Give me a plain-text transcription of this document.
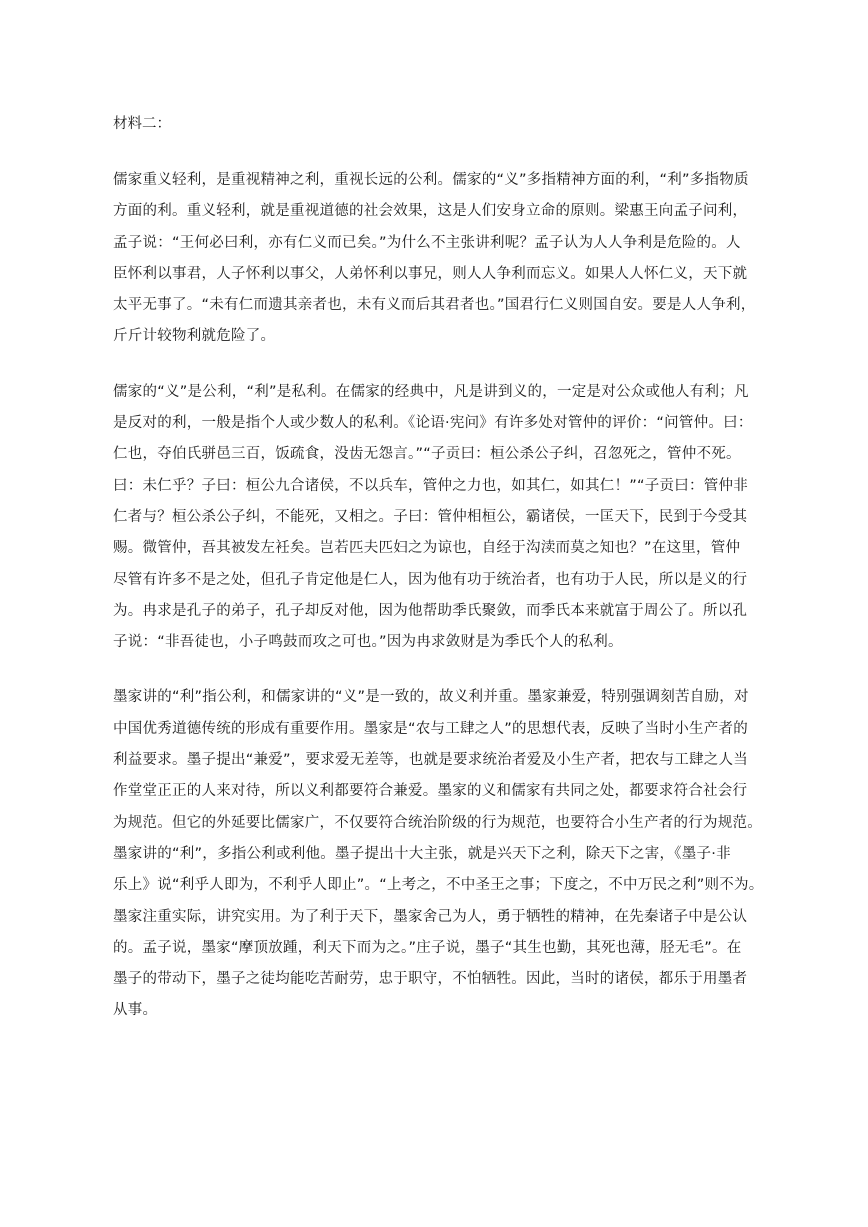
材料二：
儒家重义轻利，是重视精神之利，重视长远的公利。儒家的“义”多指精神方面的利，“利”多指物质
方面的利。重义轻利，就是重视道德的社会效果，这是人们安身立命的原则。梁惠王向孟子问利，
孟子说：“王何必曰利，亦有仁义而已矣。”为什么不主张讲利呢？孟子认为人人争利是危险的。人
臣怀利以事君，人子怀利以事父，人弟怀利以事兄，则人人争利而忘义。如果人人怀仁义，天下就
太平无事了。“未有仁而遗其亲者也，未有义而后其君者也。”国君行仁义则国自安。要是人人争利，
斤斤计较物利就危险了。
儒家的“义”是公利，“利”是私利。在儒家的经典中，凡是讲到义的，一定是对公众或他人有利；凡
是反对的利，一般是指个人或少数人的私利。《论语·宪问》有许多处对管仲的评价：“问管仲。曰：
仁也，夺伯氏骈邑三百，饭疏食，没齿无怨言。”“子贡曰：桓公杀公子纠，召忽死之，管仲不死。
曰：未仁乎？子曰：桓公九合诸侯，不以兵车，管仲之力也，如其仁，如其仁！”“子贡曰：管仲非
仁者与？桓公杀公子纠，不能死，又相之。子曰：管仲相桓公，霸诸侯，一匡天下，民到于今受其
赐。微管仲，吾其被发左衽矣。岂若匹夫匹妇之为谅也，自经于沟渎而莫之知也？”在这里，管仲
尽管有许多不是之处，但孔子肯定他是仁人，因为他有功于统治者，也有功于人民，所以是义的行
为。冉求是孔子的弟子，孔子却反对他，因为他帮助季氏聚敛，而季氏本来就富于周公了。所以孔
子说：“非吾徒也，小子鸣鼓而攻之可也。”因为冉求敛财是为季氏个人的私利。
墨家讲的“利”指公利，和儒家讲的“义”是一致的，故义利并重。墨家兼爱，特别强调刻苦自励，对
中国优秀道德传统的形成有重要作用。墨家是“农与工肆之人”的思想代表，反映了当时小生产者的
利益要求。墨子提出“兼爱”，要求爱无差等，也就是要求统治者爱及小生产者，把农与工肆之人当
作堂堂正正的人来对待，所以义利都要符合兼爱。墨家的义和儒家有共同之处，都要求符合社会行
为规范。但它的外延要比儒家广，不仅要符合统治阶级的行为规范，也要符合小生产者的行为规范。
墨家讲的“利”，多指公利或利他。墨子提出十大主张，就是兴天下之利，除天下之害，《墨子·非
乐上》说“利乎人即为，不利乎人即止”。“上考之，不中圣王之事；下度之，不中万民之利”则不为。
墨家注重实际，讲究实用。为了利于天下，墨家舍己为人，勇于牺牲的精神，在先秦诸子中是公认
的。孟子说，墨家“摩顶放踵，利天下而为之。”庄子说，墨子“其生也勤，其死也薄，胫无毛”。在
墨子的带动下，墨子之徒均能吃苦耐劳，忠于职守，不怕牺牲。因此，当时的诸侯，都乐于用墨者
从事。
